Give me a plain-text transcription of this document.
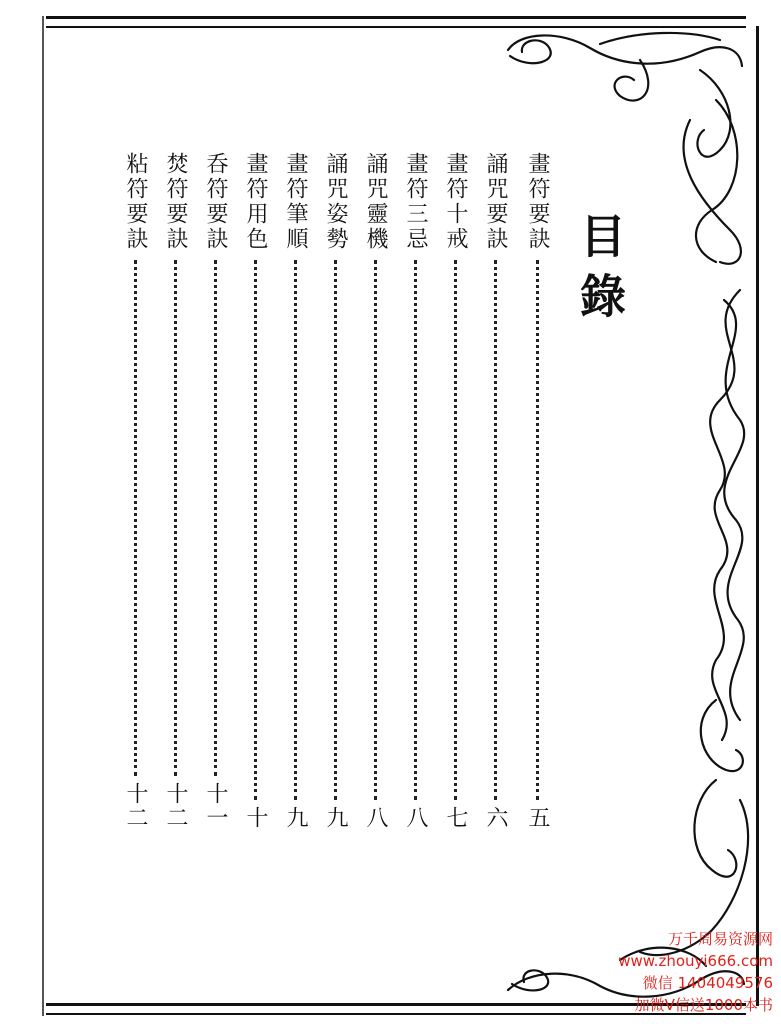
目錄
畫符要訣
五
誦咒要訣
六
畫符十戒
七
畫符三忌
八
誦咒靈機
八
誦咒姿勢
九
畫符筆順
九
畫符用色
十
呑符要訣
十一
焚符要訣
十二
粘符要訣
十二
万千周易资源网
www.zhouyi666.com
微信 1404049576
加微V信送1000本书
